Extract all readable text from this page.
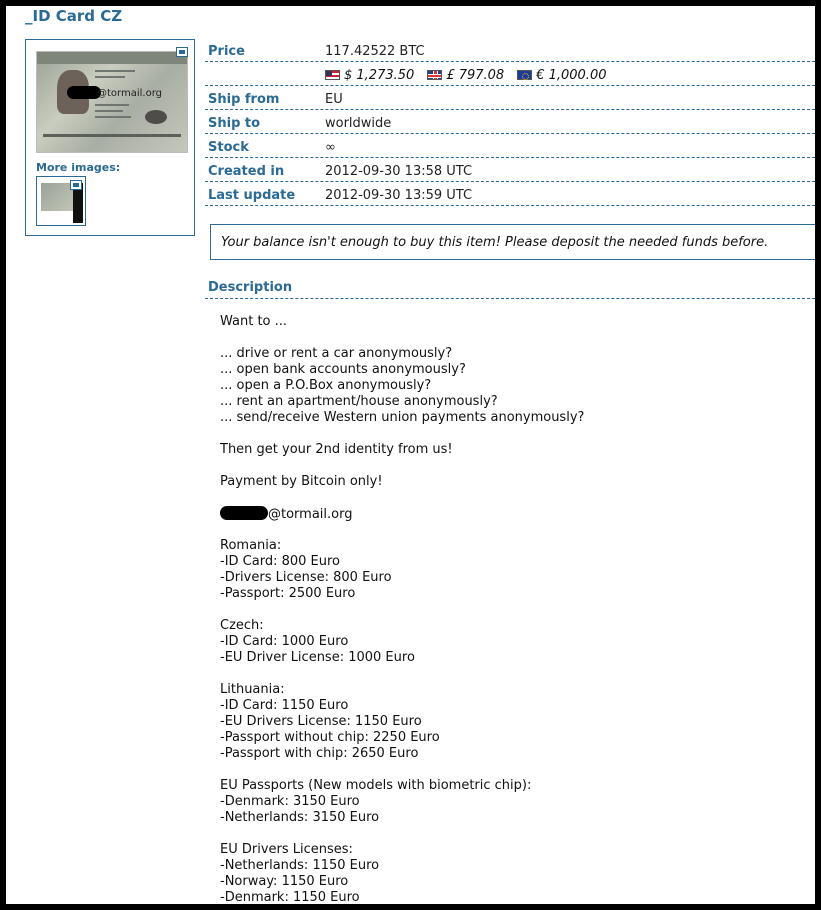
_ID Card CZ
@tormail.org
More images:
Price	117.42522 BTC
$ 1,273.50 £ 797.08 € 1,000.00
Ship from	EU
Ship to	worldwide
Stock	∞
Created in	2012-09-30 13:58 UTC
Last update 2012-09-30 13:59 UTC
Your balance isn't enough to buy this item! Please deposit the needed funds before.
Description
Want to ...
... drive or rent a car anonymously?
... open bank accounts anonymously?
... open a P.O.Box anonymously?
... rent an apartment/house anonymously?
... send/receive Western union payments anonymously?
Then get your 2nd identity from us!
Payment by Bitcoin only!
@tormail.org
Romania:
-ID Card: 800 Euro
-Drivers License: 800 Euro
-Passport: 2500 Euro
Czech:
-ID Card: 1000 Euro
-EU Driver License: 1000 Euro
Lithuania:
-ID Card: 1150 Euro
-EU Drivers License: 1150 Euro
-Passport without chip: 2250 Euro
-Passport with chip: 2650 Euro
EU Passports (New models with biometric chip):
-Denmark: 3150 Euro
-Netherlands: 3150 Euro
EU Drivers Licenses:
-Netherlands: 1150 Euro
-Norway: 1150 Euro
-Denmark: 1150 Euro
